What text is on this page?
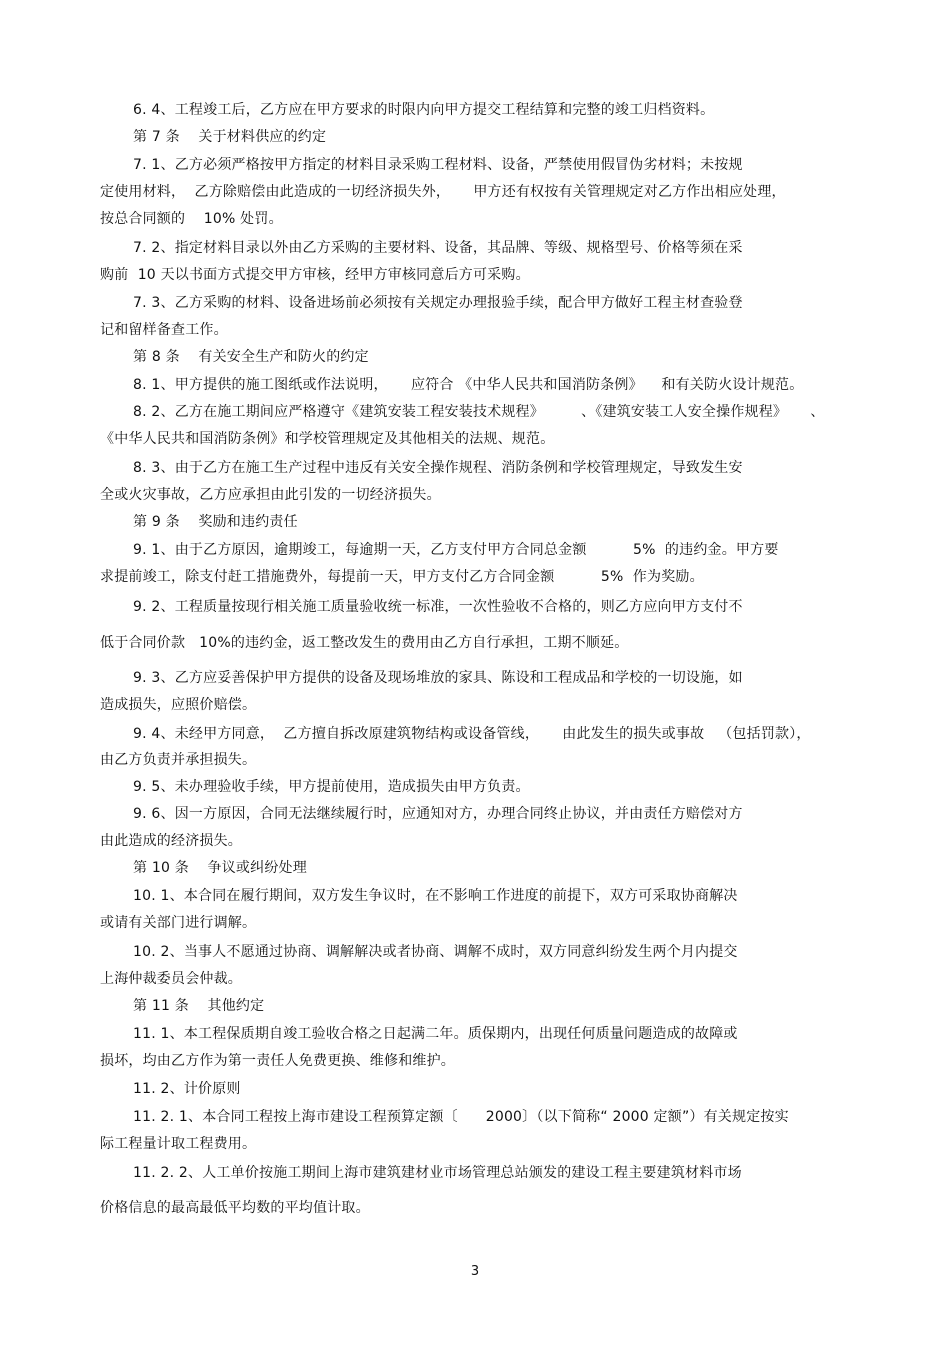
6. 4、工程竣工后，乙方应在甲方要求的时限内向甲方提交工程结算和完整的竣工归档资料。
第 7 条    关于材料供应的约定
7. 1、乙方必须严格按甲方指定的材料目录采购工程材料、设备，严禁使用假冒伪劣材料；未按规
定使用材料，  乙方除赔偿由此造成的一切经济损失外，     甲方还有权按有关管理规定对乙方作出相应处理，
按总合同额的    10% 处罚。
7. 2、指定材料目录以外由乙方采购的主要材料、设备，其品牌、等级、规格型号、价格等须在采
购前  10 天以书面方式提交甲方审核，经甲方审核同意后方可采购。
7. 3、乙方采购的材料、设备进场前必须按有关规定办理报验手续，配合甲方做好工程主材查验登
记和留样备查工作。
第 8 条    有关安全生产和防火的约定
8. 1、甲方提供的施工图纸或作法说明，     应符合 《中华人民共和国消防条例》    和有关防火设计规范。
8. 2、乙方在施工期间应严格遵守《建筑安装工程安装技术规程》        、《建筑安装工人安全操作规程》     、
《中华人民共和国消防条例》和学校管理规定及其他相关的法规、规范。
8. 3、由于乙方在施工生产过程中违反有关安全操作规程、消防条例和学校管理规定，导致发生安
全或火灾事故，乙方应承担由此引发的一切经济损失。
第 9 条    奖励和违约责任
9. 1、由于乙方原因，逾期竣工，每逾期一天，乙方支付甲方合同总金额          5%  的违约金。甲方要
求提前竣工，除支付赶工措施费外，每提前一天，甲方支付乙方合同金额          5%  作为奖励。
9. 2、工程质量按现行相关施工质量验收统一标准，一次性验收不合格的，则乙方应向甲方支付不
低于合同价款   10%的违约金，返工整改发生的费用由乙方自行承担，工期不顺延。
9. 3、乙方应妥善保护甲方提供的设备及现场堆放的家具、陈设和工程成品和学校的一切设施，如
造成损失，应照价赔偿。
9. 4、未经甲方同意，  乙方擅自拆改原建筑物结构或设备管线，     由此发生的损失或事故   （包括罚款），
由乙方负责并承担损失。
9. 5、未办理验收手续，甲方提前使用，造成损失由甲方负责。
9. 6、因一方原因，合同无法继续履行时，应通知对方，办理合同终止协议，并由责任方赔偿对方
由此造成的经济损失。
第 10 条    争议或纠纷处理
10. 1、本合同在履行期间，双方发生争议时，在不影响工作进度的前提下，双方可采取协商解决
或请有关部门进行调解。
10. 2、当事人不愿通过协商、调解解决或者协商、调解不成时，双方同意纠纷发生两个月内提交
上海仲裁委员会仲裁。
第 11 条    其他约定
11. 1、本工程保质期自竣工验收合格之日起满二年。质保期内，出现任何质量问题造成的故障或
损坏，均由乙方作为第一责任人免费更换、维修和维护。
11. 2、计价原则
11. 2. 1、本合同工程按上海市建设工程预算定额〔      2000〕（以下简称“ 2000 定额”）有关规定按实
际工程量计取工程费用。
11. 2. 2、人工单价按施工期间上海市建筑建材业市场管理总站颁发的建设工程主要建筑材料市场
价格信息的最高最低平均数的平均值计取。
3
